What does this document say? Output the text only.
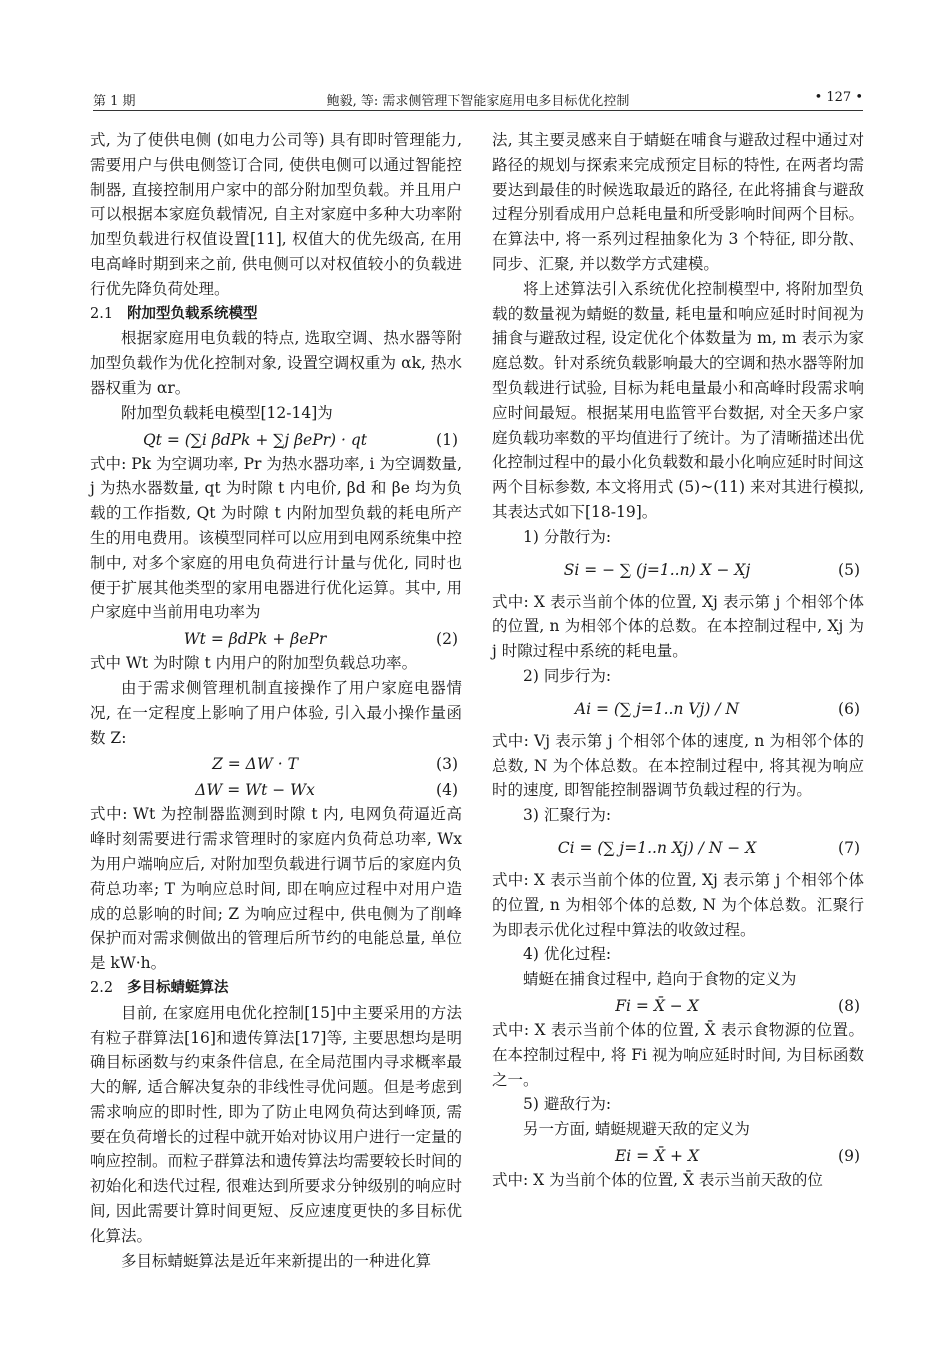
第 1 期	鲍毅, 等: 需求侧管理下智能家庭用电多目标优化控制	• 127 •

式, 为了使供电侧 (如电力公司等) 具有即时管理能力, 需要用户与供电侧签订合同, 使供电侧可以通过智能控制器, 直接控制用户家中的部分附加型负载。并且用户可以根据本家庭负载情况, 自主对家庭中多种大功率附加型负载进行权值设置[11], 权值大的优先级高, 在用电高峰时期到来之前, 供电侧可以对权值较小的负载进行优先降负荷处理。

2.1 附加型负载系统模型

根据家庭用电负载的特点, 选取空调、热水器等附加型负载作为优化控制对象, 设置空调权重为 αk, 热水器权重为 αr。

附加型负载耗电模型[12-14]为

Qt = (∑i βdPk + ∑j βePr) · qt	(1)

式中: Pk 为空调功率, Pr 为热水器功率, i 为空调数量, j 为热水器数量, qt 为时隙 t 内电价, βd 和 βe 均为负载的工作指数, Qt 为时隙 t 内附加型负载的耗电所产生的用电费用。该模型同样可以应用到电网系统集中控制中, 对多个家庭的用电负荷进行计量与优化, 同时也便于扩展其他类型的家用电器进行优化运算。其中, 用户家庭中当前用电功率为

Wt = βdPk + βePr	(2)

式中 Wt 为时隙 t 内用户的附加型负载总功率。

由于需求侧管理机制直接操作了用户家庭电器情况, 在一定程度上影响了用户体验, 引入最小操作量函数 Z:

Z = ΔW · T	(3)
ΔW = Wt − Wx	(4)

式中: Wt 为控制器监测到时隙 t 内, 电网负荷逼近高峰时刻需要进行需求管理时的家庭内负荷总功率, Wx 为用户端响应后, 对附加型负载进行调节后的家庭内负荷总功率; T 为响应总时间, 即在响应过程中对用户造成的总影响的时间; Z 为响应过程中, 供电侧为了削峰保护而对需求侧做出的管理后所节约的电能总量, 单位是 kW·h。

2.2 多目标蜻蜓算法

目前, 在家庭用电优化控制[15]中主要采用的方法有粒子群算法[16]和遗传算法[17]等, 主要思想均是明确目标函数与约束条件信息, 在全局范围内寻求概率最大的解, 适合解决复杂的非线性寻优问题。但是考虑到需求响应的即时性, 即为了防止电网负荷达到峰顶, 需要在负荷增长的过程中就开始对协议用户进行一定量的响应控制。而粒子群算法和遗传算法均需要较长时间的初始化和迭代过程, 很难达到所要求分钟级别的响应时间, 因此需要计算时间更短、反应速度更快的多目标优化算法。

多目标蜻蜓算法是近年来新提出的一种进化算

法, 其主要灵感来自于蜻蜓在哺食与避敌过程中通过对路径的规划与探索来完成预定目标的特性, 在两者均需要达到最佳的时候选取最近的路径, 在此将捕食与避敌过程分别看成用户总耗电量和所受影响时间两个目标。在算法中, 将一系列过程抽象化为 3 个特征, 即分散、同步、汇聚, 并以数学方式建模。

将上述算法引入系统优化控制模型中, 将附加型负载的数量视为蜻蜓的数量, 耗电量和响应延时时间视为捕食与避敌过程, 设定优化个体数量为 m, m 表示为家庭总数。针对系统负载影响最大的空调和热水器等附加型负载进行试验, 目标为耗电量最小和高峰时段需求响应时间最短。根据某用电监管平台数据, 对全天多户家庭负载功率数的平均值进行了统计。为了清晰描述出优化控制过程中的最小化负载数和最小化响应延时时间这两个目标参数, 本文将用式 (5)~(11) 来对其进行模拟, 其表达式如下[18-19]。

1) 分散行为:

Si = − ∑ (j=1..n) X − Xj	(5)

式中: X 表示当前个体的位置, Xj 表示第 j 个相邻个体的位置, n 为相邻个体的总数。在本控制过程中, Xj 为 j 时隙过程中系统的耗电量。

2) 同步行为:

Ai = (∑ j=1..n Vj) / N	(6)

式中: Vj 表示第 j 个相邻个体的速度, n 为相邻个体的总数, N 为个体总数。在本控制过程中, 将其视为响应时的速度, 即智能控制器调节负载过程的行为。

3) 汇聚行为:

Ci = (∑ j=1..n Xj) / N − X	(7)

式中: X 表示当前个体的位置, Xj 表示第 j 个相邻个体的位置, n 为相邻个体的总数, N 为个体总数。汇聚行为即表示优化过程中算法的收敛过程。

4) 优化过程:

蜻蜓在捕食过程中, 趋向于食物的定义为

Fi = X̄ − X	(8)

式中: X 表示当前个体的位置, X̄ 表示食物源的位置。在本控制过程中, 将 Fi 视为响应延时时间, 为目标函数之一。

5) 避敌行为:

另一方面, 蜻蜓规避天敌的定义为

Ei = X̄ + X	(9)

式中: X 为当前个体的位置, X̄ 表示当前天敌的位
